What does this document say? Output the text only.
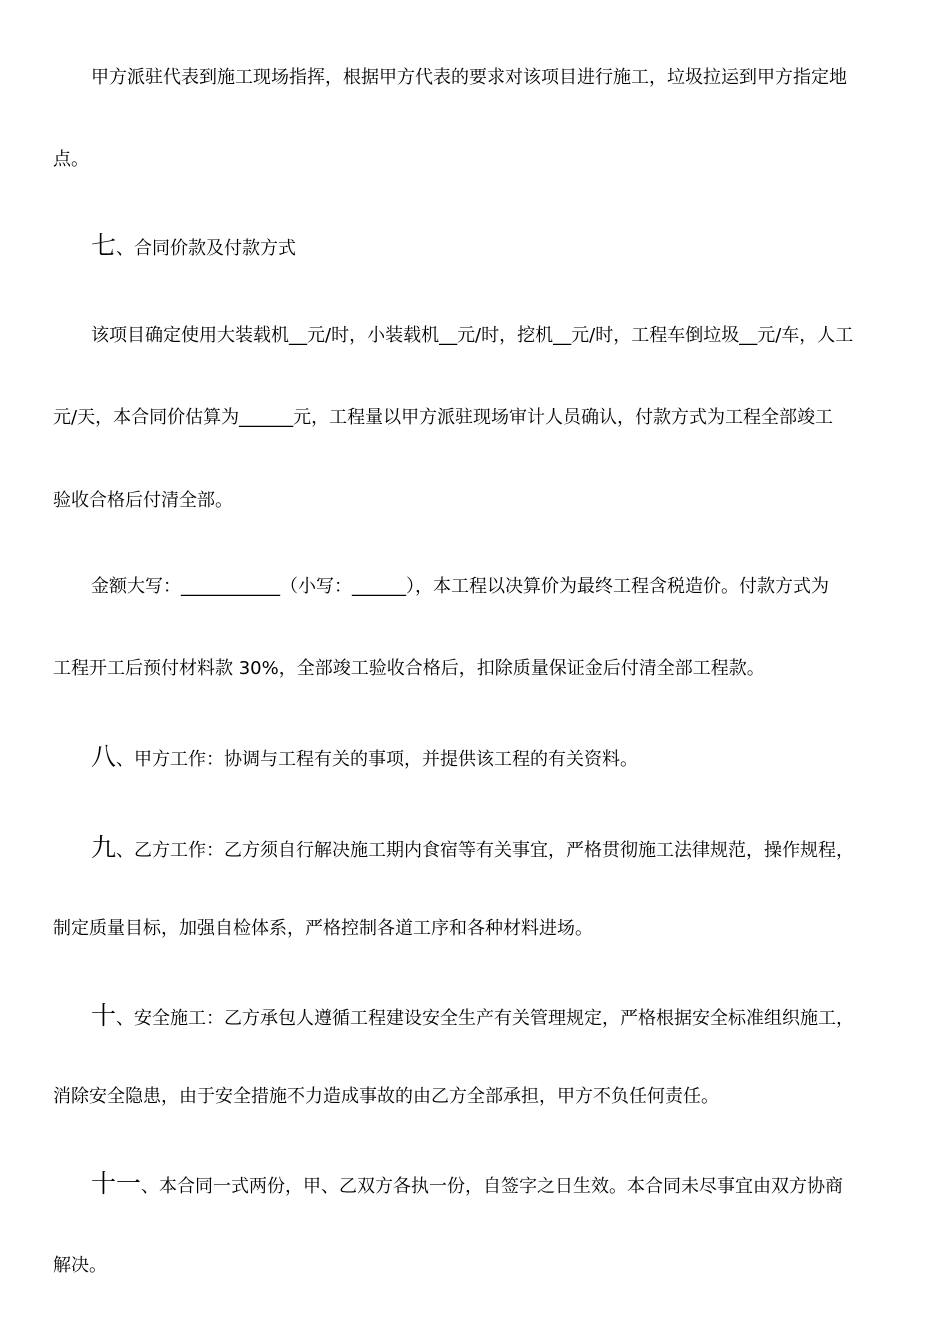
甲方派驻代表到施工现场指挥，根据甲方代表的要求对该项目进行施工，垃圾拉运到甲方指定地
点。
七、合同价款及付款方式
该项目确定使用大装载机__元/时，小装载机__元/时，挖机__元/时，工程车倒垃圾__元/车，人工
元/天，本合同价估算为______元，工程量以甲方派驻现场审计人员确认，付款方式为工程全部竣工
验收合格后付清全部。
金额大写：___________（小写：______），本工程以决算价为最终工程含税造价。付款方式为
工程开工后预付材料款 30%，全部竣工验收合格后，扣除质量保证金后付清全部工程款。
八、甲方工作：协调与工程有关的事项，并提供该工程的有关资料。
九、乙方工作：乙方须自行解决施工期内食宿等有关事宜，严格贯彻施工法律规范，操作规程，
制定质量目标，加强自检体系，严格控制各道工序和各种材料进场。
十、安全施工：乙方承包人遵循工程建设安全生产有关管理规定，严格根据安全标准组织施工，
消除安全隐患，由于安全措施不力造成事故的由乙方全部承担，甲方不负任何责任。
十一、本合同一式两份，甲、乙双方各执一份，自签字之日生效。本合同未尽事宜由双方协商
解决。
